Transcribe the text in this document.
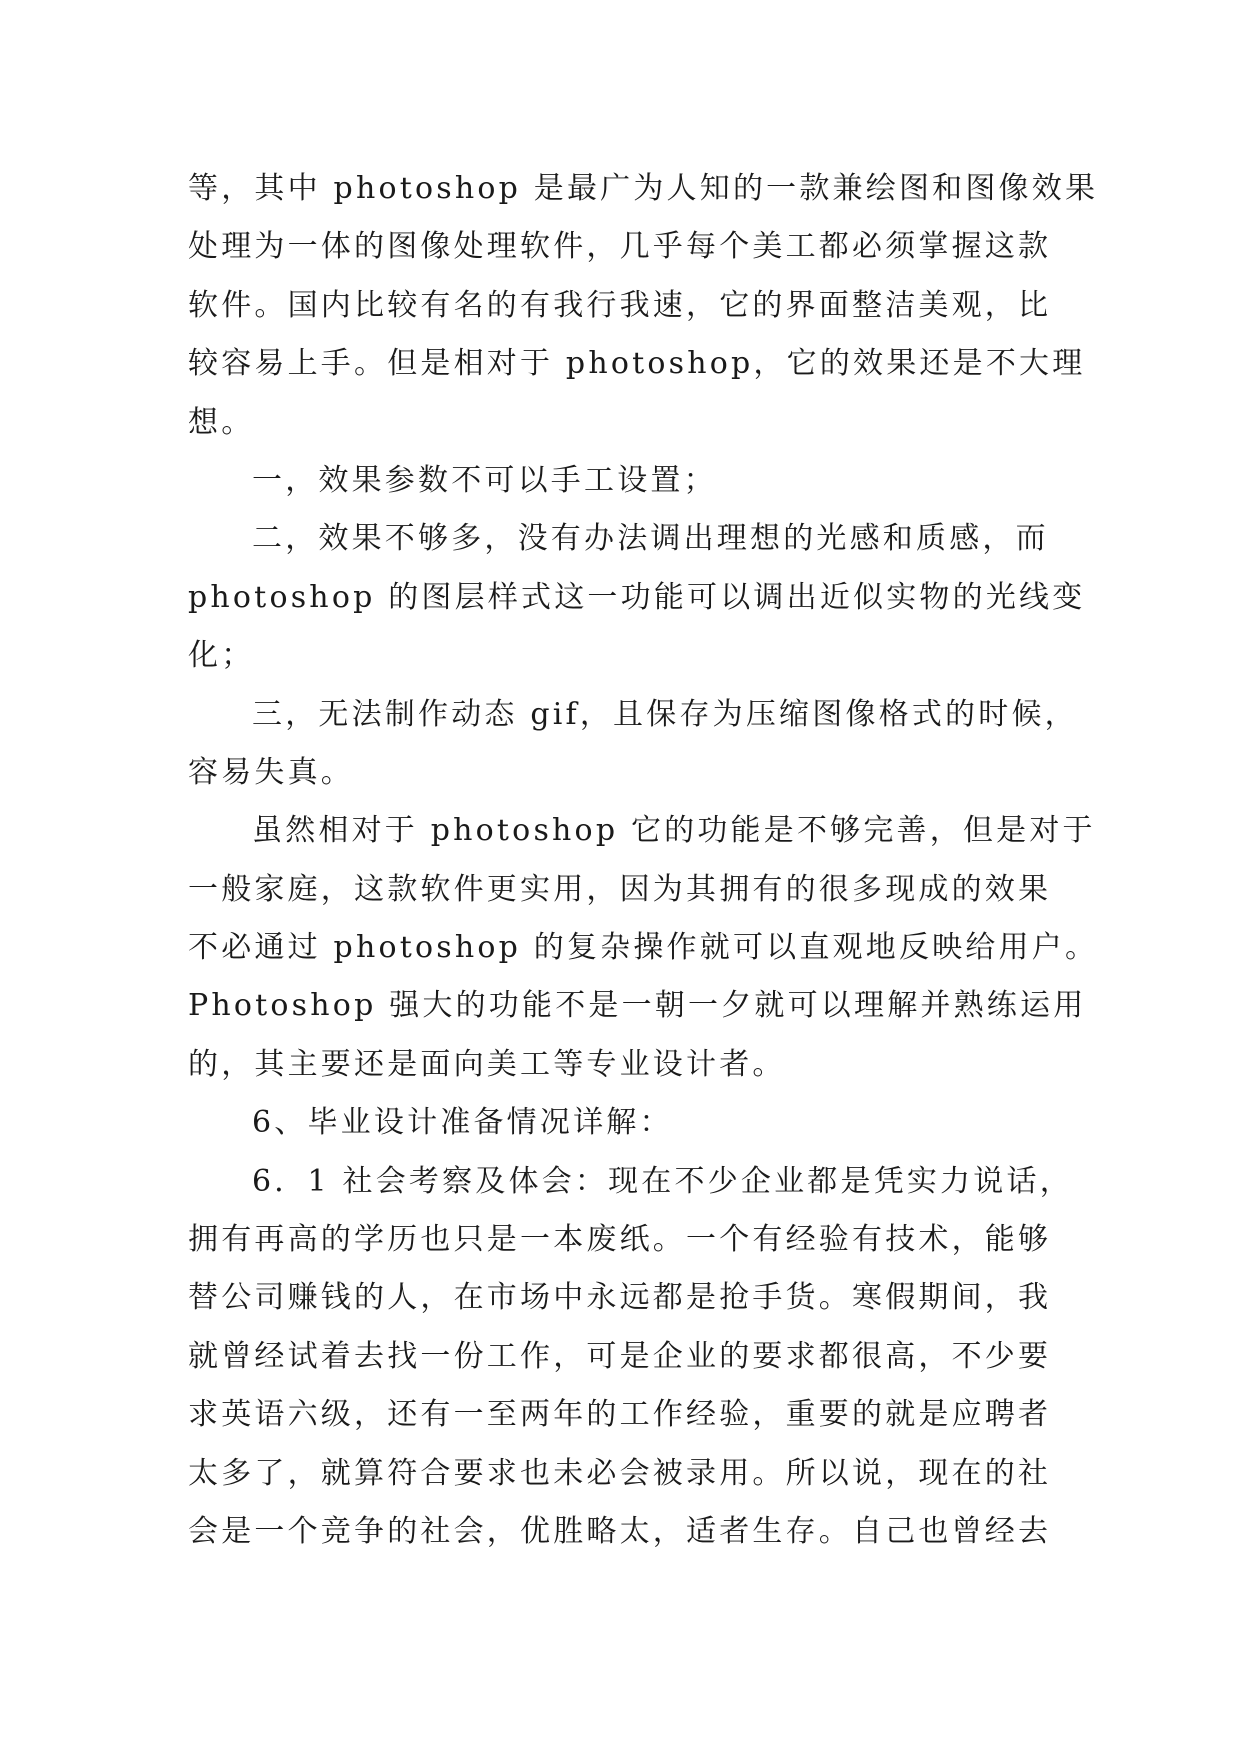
等，其中 photoshop 是最广为人知的一款兼绘图和图像效果
处理为一体的图像处理软件，几乎每个美工都必须掌握这款
软件。国内比较有名的有我行我速，它的界面整洁美观，比
较容易上手。但是相对于 photoshop，它的效果还是不大理
想。
一，效果参数不可以手工设置；
二，效果不够多，没有办法调出理想的光感和质感，而
photoshop 的图层样式这一功能可以调出近似实物的光线变
化；
三，无法制作动态 gif，且保存为压缩图像格式的时候，
容易失真。
虽然相对于 photoshop 它的功能是不够完善，但是对于
一般家庭，这款软件更实用，因为其拥有的很多现成的效果
不必通过 photoshop 的复杂操作就可以直观地反映给用户。
Photoshop 强大的功能不是一朝一夕就可以理解并熟练运用
的，其主要还是面向美工等专业设计者。
6、毕业设计准备情况详解：
6．1 社会考察及体会：现在不少企业都是凭实力说话，
拥有再高的学历也只是一本废纸。一个有经验有技术，能够
替公司赚钱的人，在市场中永远都是抢手货。寒假期间，我
就曾经试着去找一份工作，可是企业的要求都很高，不少要
求英语六级，还有一至两年的工作经验，重要的就是应聘者
太多了，就算符合要求也未必会被录用。所以说，现在的社
会是一个竞争的社会，优胜略太，适者生存。自己也曾经去
